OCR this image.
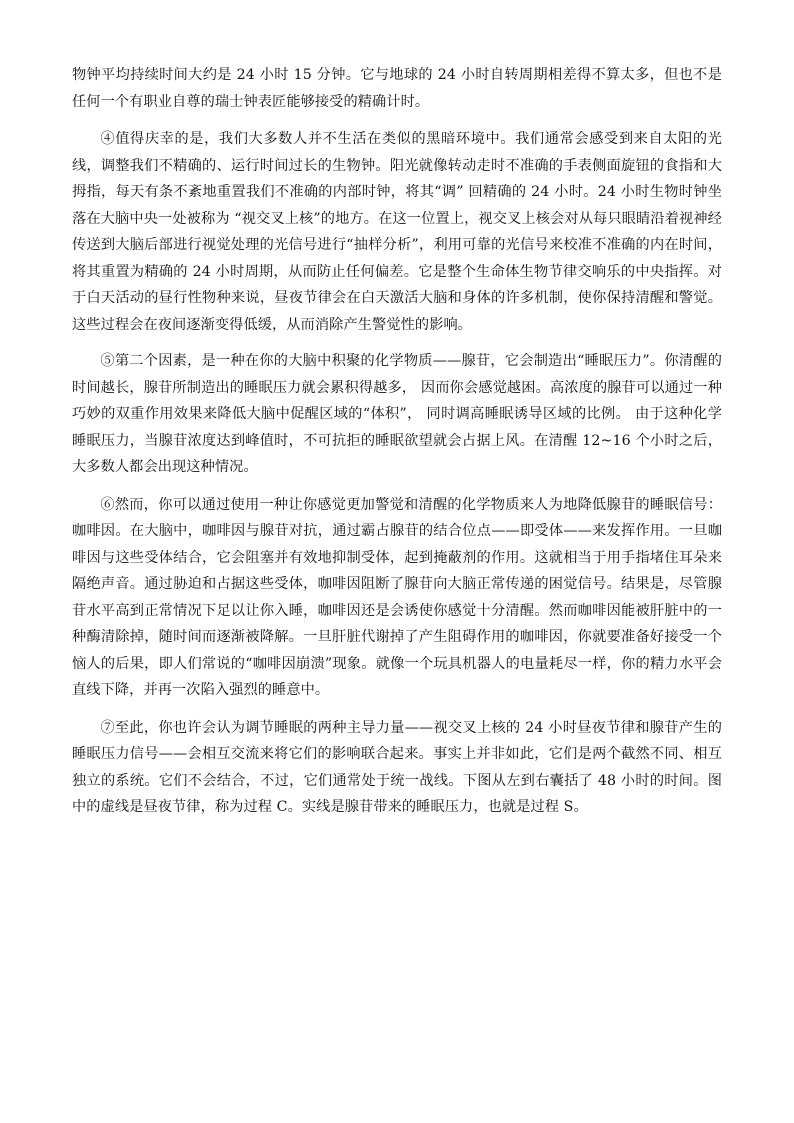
物钟平均持续时间大约是 24 小时 15 分钟。它与地球的 24 小时自转周期相差得不算太多，但也不是任何一个有职业自尊的瑞士钟表匠能够接受的精确计时。

④值得庆幸的是，我们大多数人并不生活在类似的黑暗环境中。我们通常会感受到来自太阳的光线，调整我们不精确的、运行时间过长的生物钟。阳光就像转动走时不准确的手表侧面旋钮的食指和大拇指，每天有条不紊地重置我们不准确的内部时钟，将其“调” 回精确的 24 小时。24 小时生物时钟坐落在大脑中央一处被称为 “视交叉上核”的地方。在这一位置上，视交叉上核会对从每只眼睛沿着视神经传送到大脑后部进行视觉处理的光信号进行“抽样分析”，利用可靠的光信号来校准不准确的内在时间，将其重置为精确的 24 小时周期，从而防止任何偏差。它是整个生命体生物节律交响乐的中央指挥。对于白天活动的昼行性物种来说，昼夜节律会在白天激活大脑和身体的许多机制，使你保持清醒和警觉。这些过程会在夜间逐渐变得低缓，从而消除产生警觉性的影响。

⑤第二个因素，是一种在你的大脑中积聚的化学物质——腺苷，它会制造出“睡眠压力”。你清醒的时间越长，腺苷所制造出的睡眠压力就会累积得越多， 因而你会感觉越困。高浓度的腺苷可以通过一种巧妙的双重作用效果来降低大脑中促醒区域的“体积”， 同时调高睡眠诱导区域的比例。 由于这种化学睡眠压力，当腺苷浓度达到峰值时，不可抗拒的睡眠欲望就会占据上风。在清醒 12~16 个小时之后，大多数人都会出现这种情况。

⑥然而，你可以通过使用一种让你感觉更加警觉和清醒的化学物质来人为地降低腺苷的睡眠信号：咖啡因。在大脑中，咖啡因与腺苷对抗，通过霸占腺苷的结合位点——即受体——来发挥作用。一旦咖啡因与这些受体结合，它会阻塞并有效地抑制受体，起到掩蔽剂的作用。这就相当于用手指堵住耳朵来隔绝声音。通过胁迫和占据这些受体，咖啡因阻断了腺苷向大脑正常传递的困觉信号。结果是，尽管腺苷水平高到正常情况下足以让你入睡，咖啡因还是会诱使你感觉十分清醒。然而咖啡因能被肝脏中的一种酶清除掉，随时间而逐渐被降解。一旦肝脏代谢掉了产生阻碍作用的咖啡因，你就要准备好接受一个恼人的后果，即人们常说的“咖啡因崩溃”现象。就像一个玩具机器人的电量耗尽一样，你的精力水平会直线下降，并再一次陷入强烈的睡意中。

⑦至此，你也许会认为调节睡眠的两种主导力量——视交叉上核的 24 小时昼夜节律和腺苷产生的睡眠压力信号——会相互交流来将它们的影响联合起来。事实上并非如此，它们是两个截然不同、相互独立的系统。它们不会结合，不过，它们通常处于统一战线。下图从左到右囊括了 48 小时的时间。图中的虚线是昼夜节律，称为过程 C。实线是腺苷带来的睡眠压力，也就是过程 S。
